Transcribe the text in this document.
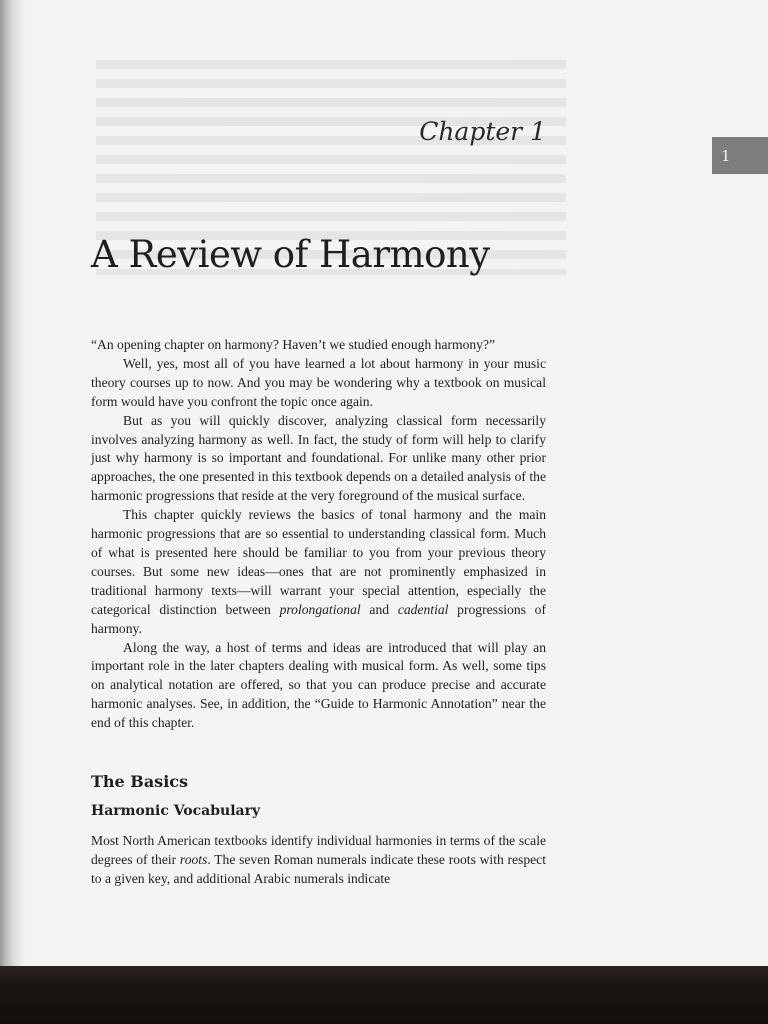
Chapter 1
1
A Review of Harmony

“An opening chapter on harmony? Haven’t we studied enough harmony?”

Well, yes, most all of you have learned a lot about harmony in your music theory courses up to now. And you may be wondering why a textbook on musical form would have you confront the topic once again.

But as you will quickly discover, analyzing classical form necessarily involves analyzing harmony as well. In fact, the study of form will help to clarify just why harmony is so important and foundational. For unlike many other prior approaches, the one presented in this textbook depends on a detailed analysis of the harmonic progressions that reside at the very foreground of the musical surface.

This chapter quickly reviews the basics of tonal harmony and the main harmonic progressions that are so essential to understanding classical form. Much of what is presented here should be familiar to you from your previous theory courses. But some new ideas—ones that are not prominently emphasized in traditional harmony texts—will warrant your special attention, especially the categorical distinction between prolongational and cadential progressions of harmony.

Along the way, a host of terms and ideas are introduced that will play an important role in the later chapters dealing with musical form. As well, some tips on analytical notation are offered, so that you can produce precise and accurate harmonic analyses. See, in addition, the “Guide to Harmonic Annotation” near the end of this chapter.

The Basics
Harmonic Vocabulary

Most North American textbooks identify individual harmonies in terms of the scale degrees of their roots. The seven Roman numerals indicate these roots with respect to a given key, and additional Arabic numerals indicate
